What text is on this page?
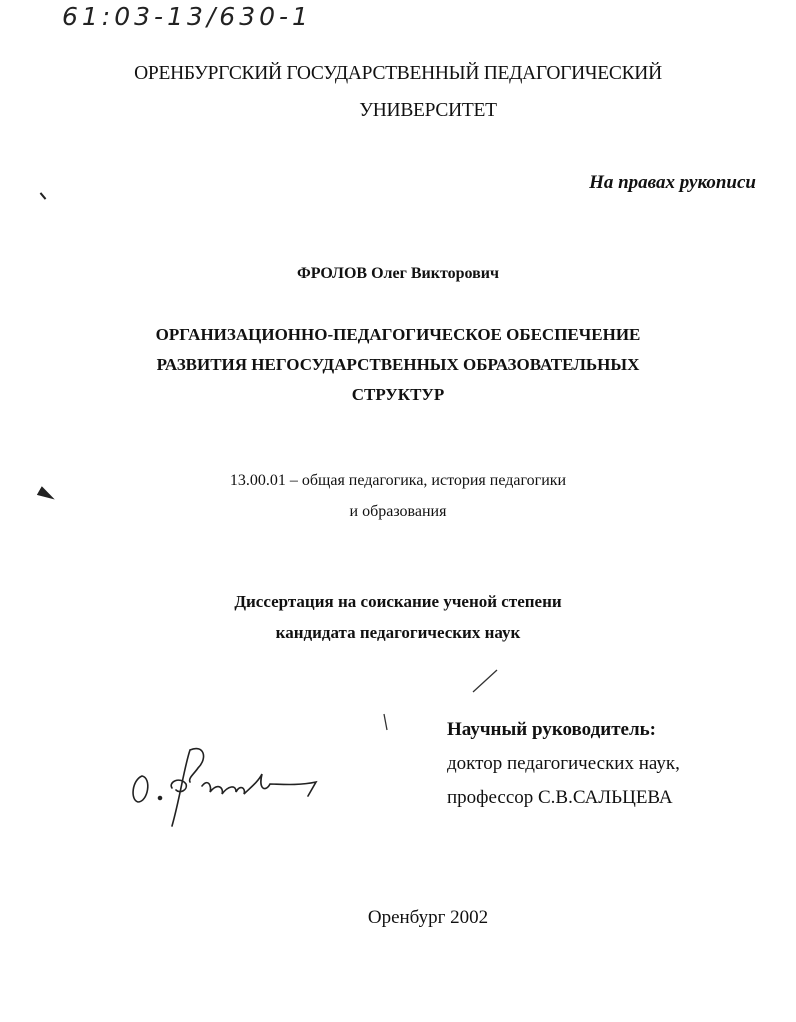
61:03-13/630-1
ОРЕНБУРГСКИЙ ГОСУДАРСТВЕННЫЙ ПЕДАГОГИЧЕСКИЙ
УНИВЕРСИТЕТ
На правах рукописи
ФРОЛОВ Олег Викторович
ОРГАНИЗАЦИОННО-ПЕДАГОГИЧЕСКОЕ ОБЕСПЕЧЕНИЕ
РАЗВИТИЯ НЕГОСУДАРСТВЕННЫХ ОБРАЗОВАТЕЛЬНЫХ
СТРУКТУР
13.00.01 – общая педагогика, история педагогики
и образования
Диссертация на соискание ученой степени
кандидата педагогических наук
Научный руководитель:
доктор педагогических наук,
профессор С.В.САЛЬЦЕВА
Оренбург 2002
